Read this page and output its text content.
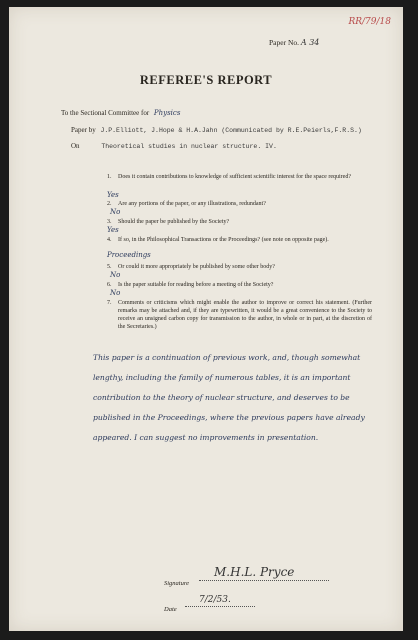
RR/79/18
Paper No. A 34
REFEREE'S REPORT
To the Sectional Committee for Physics
Paper by J.P.Elliott, J.Hope & H.A.Jahn (Communicated by R.E.Peierls,F.R.S.)
On	Theoretical studies in nuclear structure. IV.
1. Does it contain contributions to knowledge of sufficient scientific interest for the space required?
Yes
2. Are any portions of the paper, or any illustrations, redundant?
No
3. Should the paper be published by the Society?
Yes
4. If so, in the Philosophical Transactions or the Proceedings? (see note on opposite page).
Proceedings
5. Or could it more appropriately be published by some other body?
No
6. Is the paper suitable for reading before a meeting of the Society?
No
7. Comments or criticisms which might enable the author to improve or correct his statement. (Further remarks may be attached and, if they are typewritten, it would be a great convenience to the Society to receive an unsigned carbon copy for transmission to the author, in whole or in part, at the discretion of the Secretaries.)
This paper is a continuation of previous work, and, though somewhat lengthy, including the family of numerous tables, it is an important contribution to the theory of nuclear structure, and deserves to be published in the Proceedings, where the previous papers have already appeared. I can suggest no improvements in presentation.
Signature
M.H.L. Pryce
Date
7/2/53.
